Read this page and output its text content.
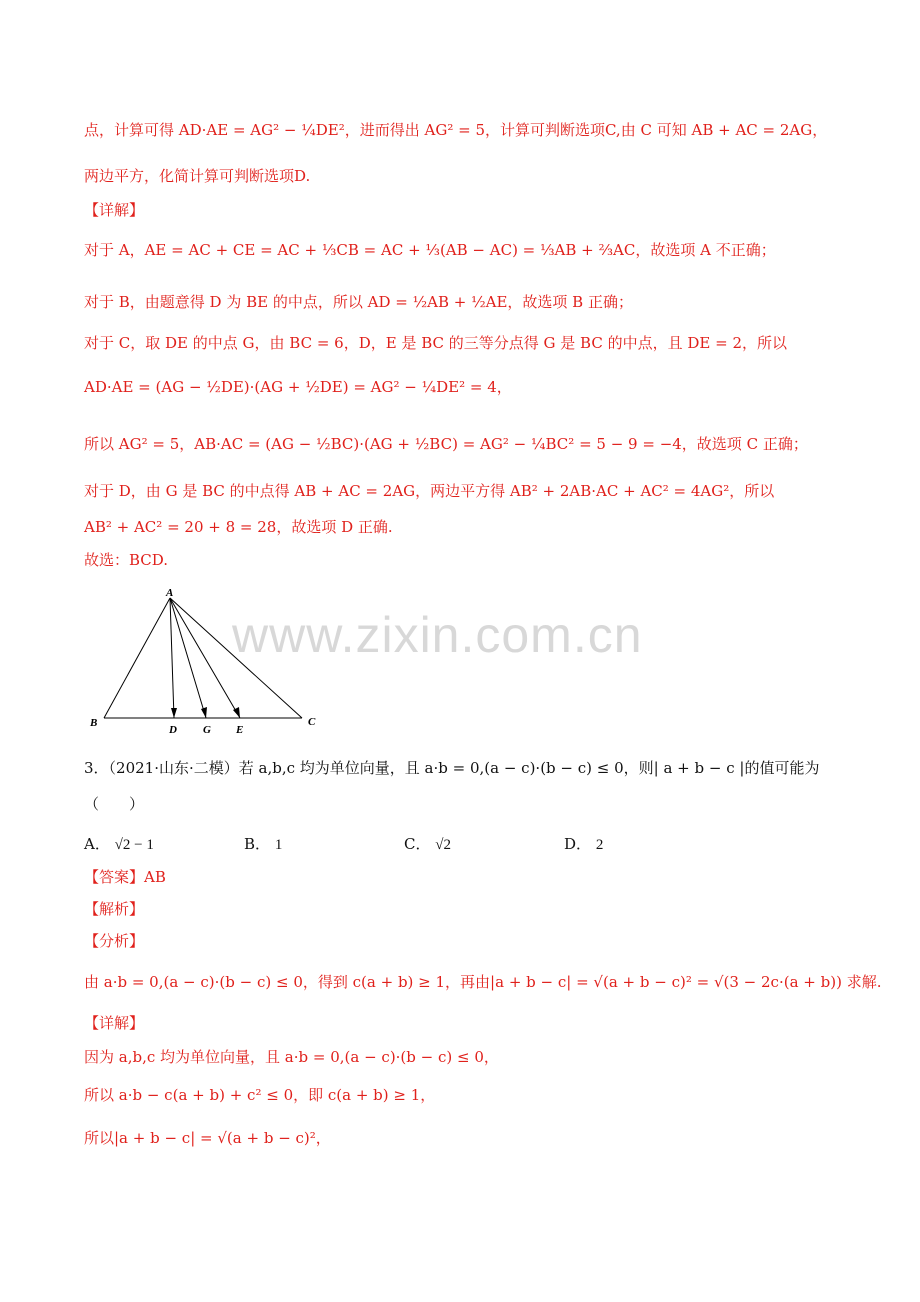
www.zixin.com.cn
点，计算可得 AD·AE = AG² − ¼DE²，进而得出 AG² = 5，计算可判断选项C,由 C 可知 AB + AC = 2AG，
两边平方，化简计算可判断选项D.
【详解】
对于 A，AE = AC + CE = AC + ⅓CB = AC + ⅓(AB − AC) = ⅓AB + ⅔AC，故选项 A 不正确；
对于 B，由题意得 D 为 BE 的中点，所以 AD = ½AB + ½AE，故选项 B 正确；
对于 C，取 DE 的中点 G，由 BC = 6，D，E 是 BC 的三等分点得 G 是 BC 的中点，且 DE = 2，所以
AD·AE = (AG − ½DE)·(AG + ½DE) = AG² − ¼DE² = 4，
所以 AG² = 5，AB·AC = (AG − ½BC)·(AG + ½BC) = AG² − ¼BC² = 5 − 9 = −4，故选项 C 正确；
对于 D，由 G 是 BC 的中点得 AB + AC = 2AG，两边平方得 AB² + 2AB·AC + AC² = 4AG²，所以
AB² + AC² = 20 + 8 = 28，故选项 D 正确.
故选：BCD.
A
B	C
D G E
3．（2021·山东·二模）若 a,b,c 均为单位向量，且 a·b = 0,(a − c)·(b − c) ≤ 0，则| a + b − c |的值可能为
（　　）
A． √2 − 1	B． 1	C． √2	D． 2
【答案】AB
【解析】
【分析】
由 a·b = 0,(a − c)·(b − c) ≤ 0，得到 c(a + b) ≥ 1，再由|a + b − c| = √(a + b − c)² = √(3 − 2c·(a + b)) 求解.
【详解】
因为 a,b,c 均为单位向量，且 a·b = 0,(a − c)·(b − c) ≤ 0，
所以 a·b − c(a + b) + c² ≤ 0，即 c(a + b) ≥ 1，
所以|a + b − c| = √(a + b − c)²，
